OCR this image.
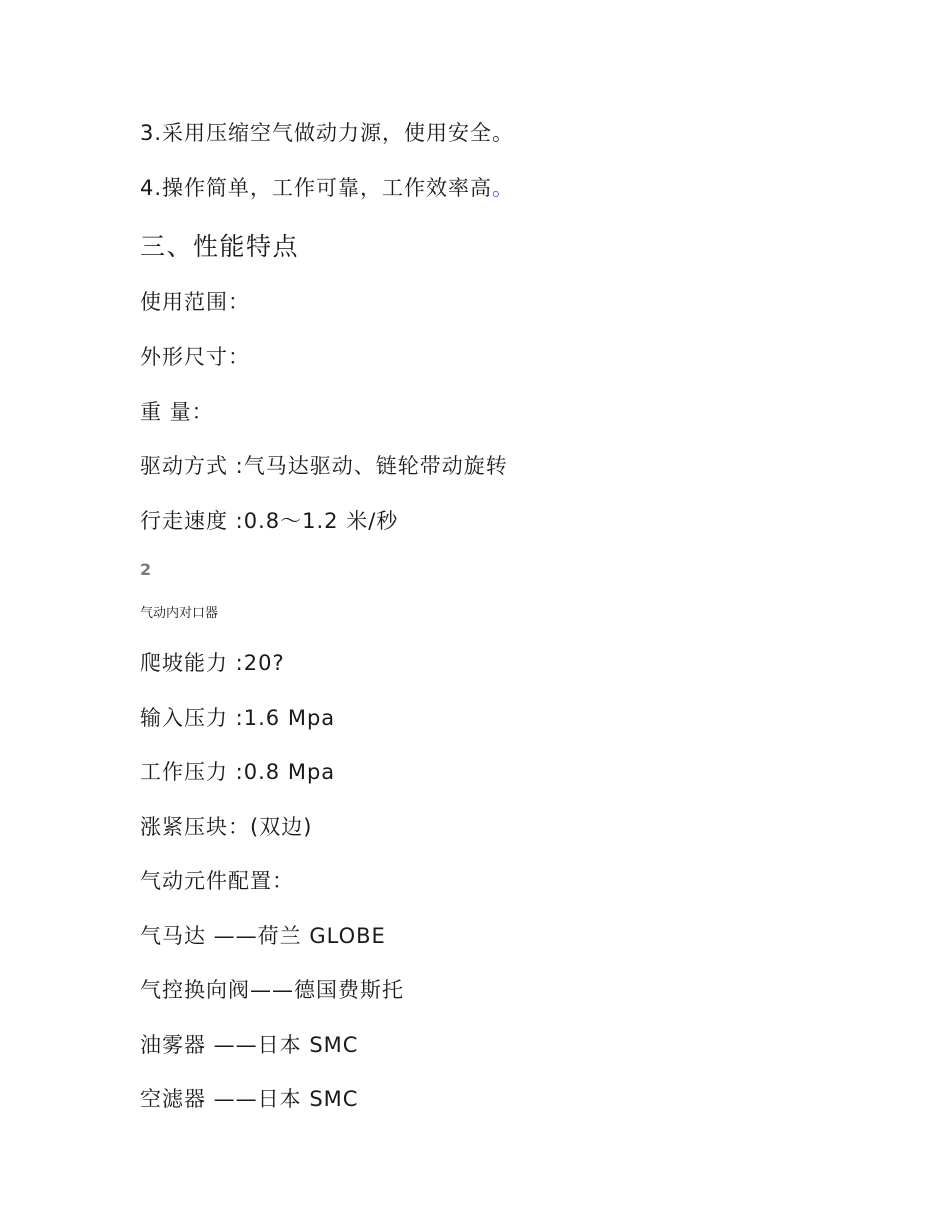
3.采用压缩空气做动力源，使用安全。
4.操作简单，工作可靠，工作效率高。
三、性能特点
使用范围：
外形尺寸：
重 量：
驱动方式 :气马达驱动、链轮带动旋转
行走速度 :0.8～1.2 米/秒
2
气动内对口器
爬坡能力 :20?
输入压力 :1.6 Mpa
工作压力 :0.8 Mpa
涨紧压块：(双边)
气动元件配置：
气马达 ——荷兰 GLOBE
气控换向阀——德国费斯托
油雾器 ——日本 SMC
空滤器 ——日本 SMC
